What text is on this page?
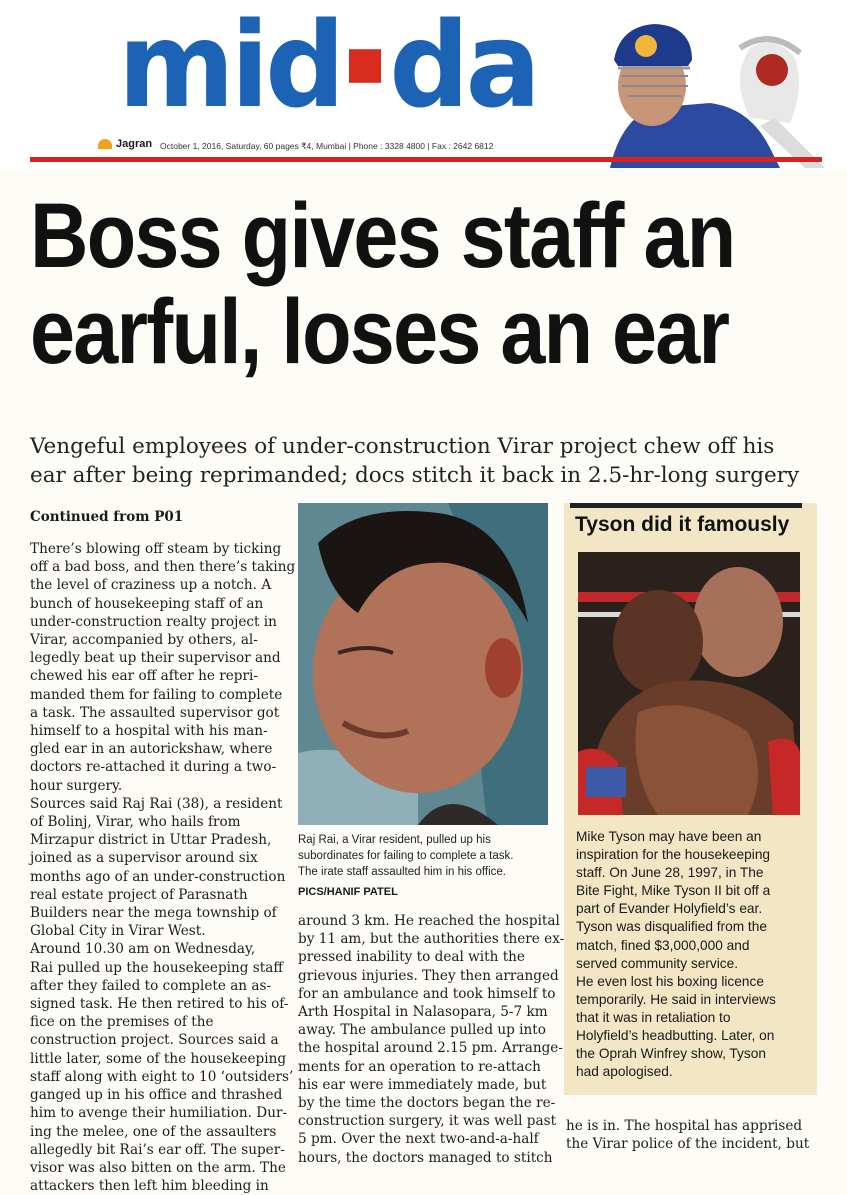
mid da
Jagran October 1, 2016, Saturday, 60 pages ₹4, Mumbai | Phone : 3328 4800 | Fax : 2642 6812
Boss gives staff an
earful, loses an ear
Vengeful employees of under-construction Virar project chew off his
ear after being reprimanded; docs stitch it back in 2.5-hr-long surgery
Continued from P01
There’s blowing off steam by ticking
off a bad boss, and then there’s taking
the level of craziness up a notch. A
bunch of housekeeping staff of an
under-construction realty project in
Virar, accompanied by others, al-
legedly beat up their supervisor and
chewed his ear off after he repri-
manded them for failing to complete
a task. The assaulted supervisor got
himself to a hospital with his man-
gled ear in an autorickshaw, where
doctors re-attached it during a two-
hour surgery.
Sources said Raj Rai (38), a resident
of Bolinj, Virar, who hails from
Mirzapur district in Uttar Pradesh,
joined as a supervisor around six
months ago of an under-construction
real estate project of Parasnath
Builders near the mega township of
Global City in Virar West.
Around 10.30 am on Wednesday,
Rai pulled up the housekeeping staff
after they failed to complete an as-
signed task. He then retired to his of-
fice on the premises of the
construction project. Sources said a
little later, some of the housekeeping
staff along with eight to 10 ‘outsiders’
ganged up in his office and thrashed
him to avenge their humiliation. Dur-
ing the melee, one of the assaulters
allegedly bit Rai’s ear off. The super-
visor was also bitten on the arm. The
attackers then left him bleeding in
Raj Rai, a Virar resident, pulled up his
subordinates for failing to complete a task.
The irate staff assaulted him in his office.
PICS/HANIF PATEL
around 3 km. He reached the hospital
by 11 am, but the authorities there ex-
pressed inability to deal with the
grievous injuries. They then arranged
for an ambulance and took himself to
Arth Hospital in Nalasopara, 5-7 km
away. The ambulance pulled up into
the hospital around 2.15 pm. Arrange-
ments for an operation to re-attach
his ear were immediately made, but
by the time the doctors began the re-
construction surgery, it was well past
5 pm. Over the next two-and-a-half
hours, the doctors managed to stitch
Tyson did it famously
Mike Tyson may have been an
inspiration for the housekeeping
staff. On June 28, 1997, in The
Bite Fight, Mike Tyson II bit off a
part of Evander Holyfield’s ear.
Tyson was disqualified from the
match, fined $3,000,000 and
served community service.
He even lost his boxing licence
temporarily. He said in interviews
that it was in retaliation to
Holyfield’s headbutting. Later, on
the Oprah Winfrey show, Tyson
had apologised.
he is in. The hospital has apprised
the Virar police of the incident, but
